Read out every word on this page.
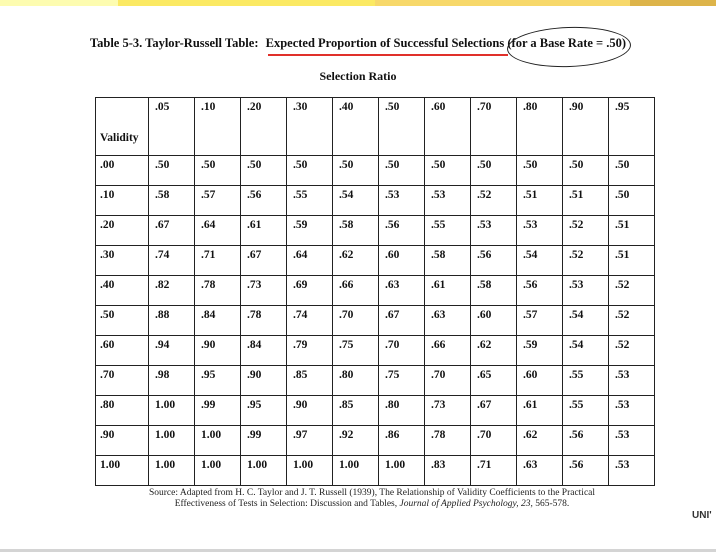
Table 5-3. Taylor-Russell Table: Expected Proportion of Successful Selections (for a Base Rate = .50)
Selection Ratio
Validity	.05	.10	.20	.30	.40	.50	.60	.70	.80	.90	.95
.00	.50	.50	.50	.50	.50	.50	.50	.50	.50	.50	.50
.10	.58	.57	.56	.55	.54	.53	.53	.52	.51	.51	.50
.20	.67	.64	.61	.59	.58	.56	.55	.53	.53	.52	.51
.30	.74	.71	.67	.64	.62	.60	.58	.56	.54	.52	.51
.40	.82	.78	.73	.69	.66	.63	.61	.58	.56	.53	.52
.50	.88	.84	.78	.74	.70	.67	.63	.60	.57	.54	.52
.60	.94	.90	.84	.79	.75	.70	.66	.62	.59	.54	.52
.70	.98	.95	.90	.85	.80	.75	.70	.65	.60	.55	.53
.80	1.00	.99	.95	.90	.85	.80	.73	.67	.61	.55	.53
.90	1.00	1.00	.99	.97	.92	.86	.78	.70	.62	.56	.53
1.00	1.00	1.00	1.00	1.00	1.00	1.00	.83	.71	.63	.56	.53
Source: Adapted from H. C. Taylor and J. T. Russell (1939), The Relationship of Validity Coefficients to the Practical
Effectiveness of Tests in Selection: Discussion and Tables, Journal of Applied Psychology, 23, 565-578.
UNI'
